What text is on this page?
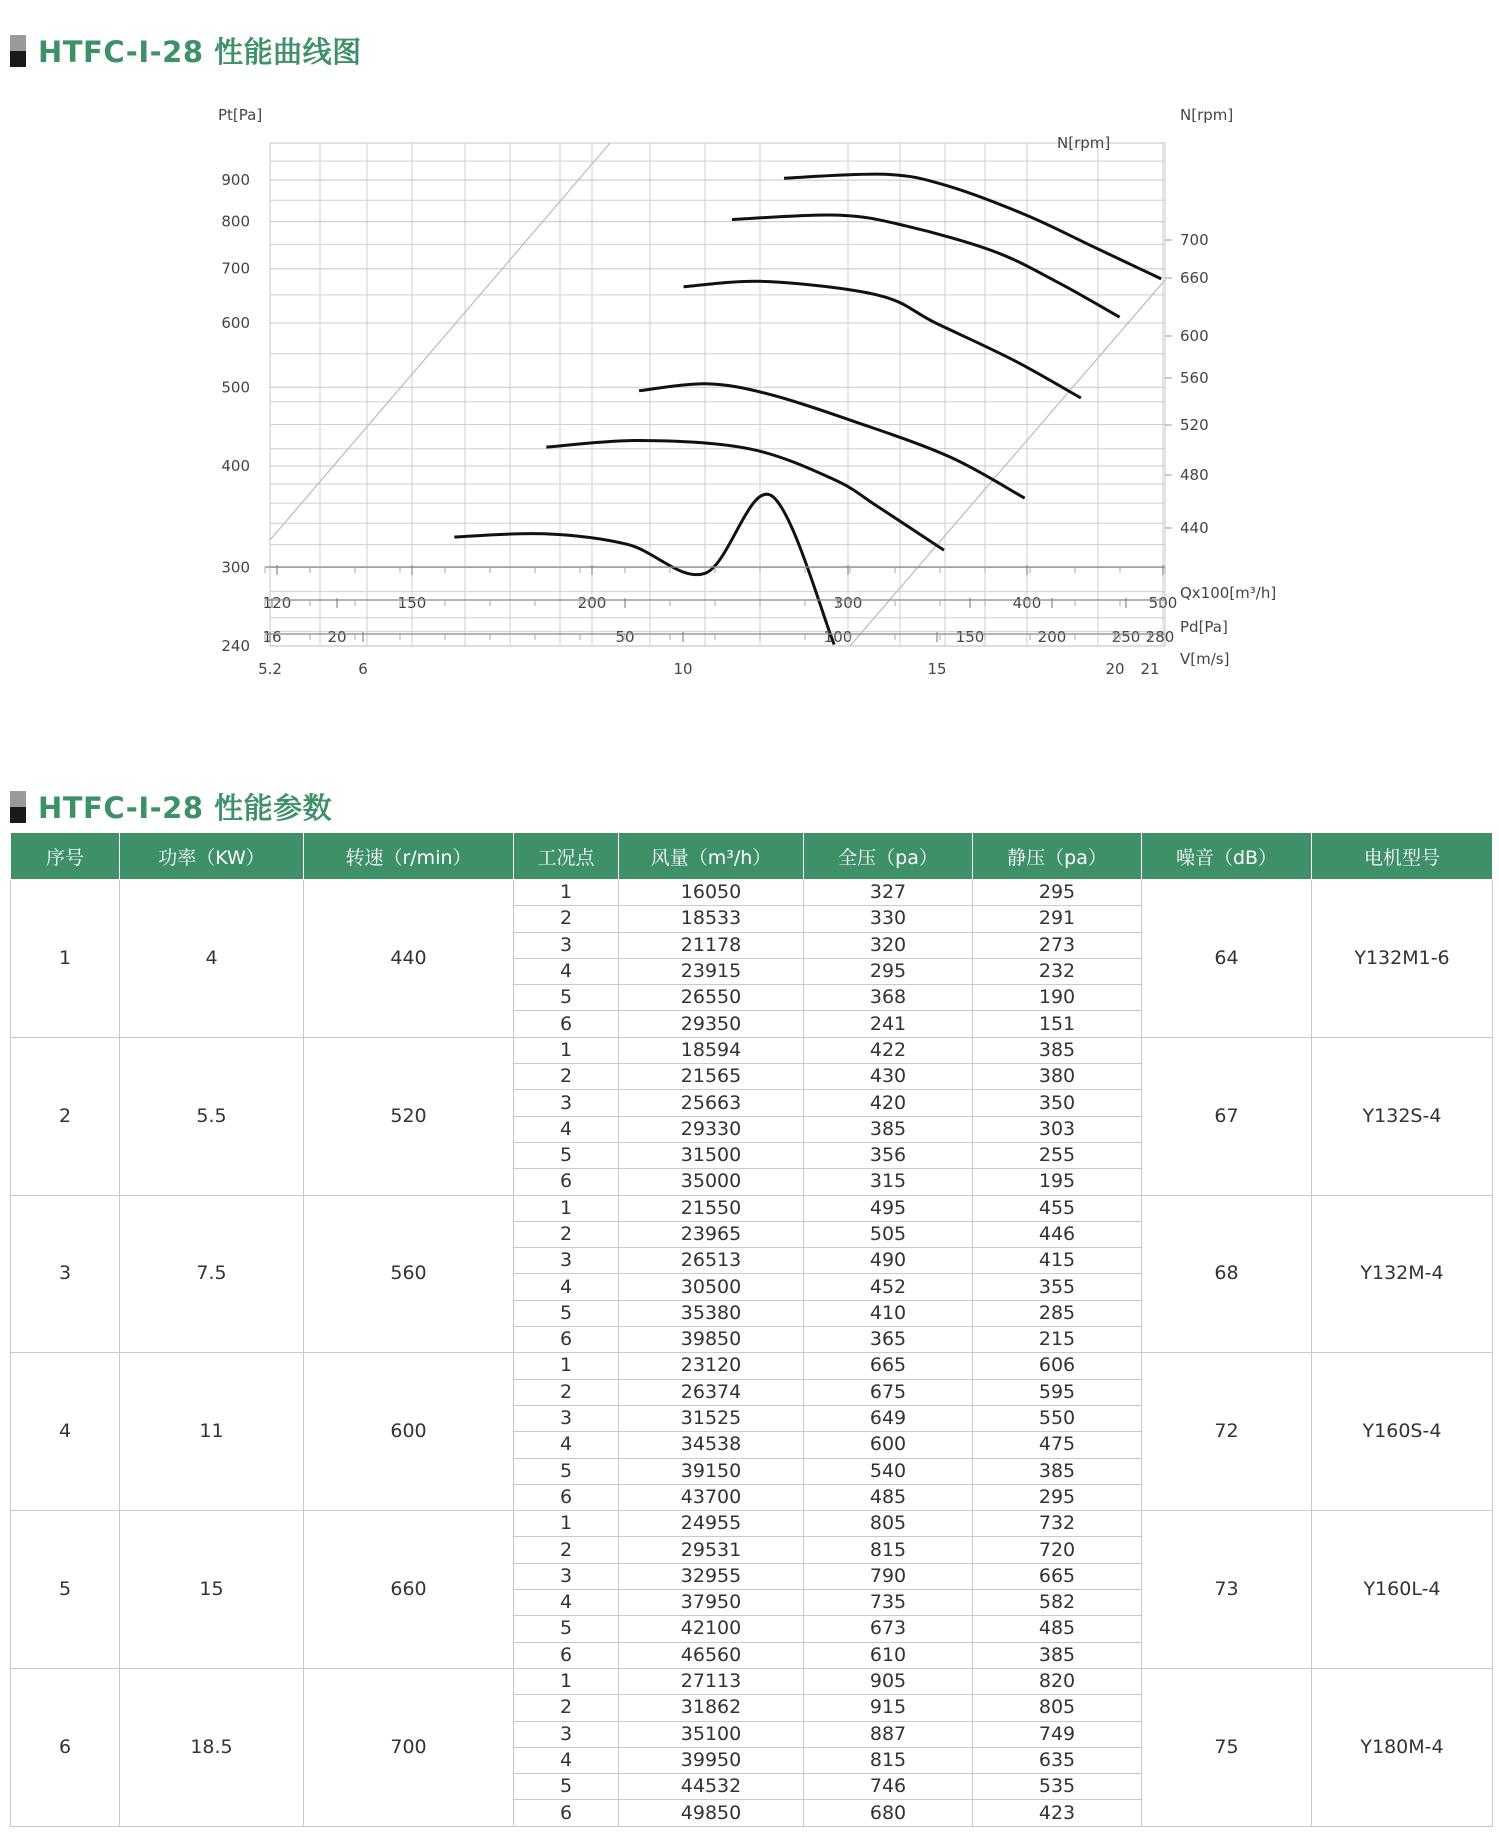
HTFC-I-28 性能曲线图
Pt[Pa]
240
300
400
500
600
700
800
900
N[rpm]
N[rpm]
440
480
520
560
600
660
700
120	150	200	300	400	500
Qx100[m³/h]
16	20	50	100	150	200	250 280
Pd[Pa]
5.2	6	10	15	20 21
V[m/s]
HTFC-I-28 性能参数
序号	功率（KW）	转速（r/min）	工况点	风量（m³/h）	全压（pa）	静压（pa）	噪音（dB）	电机型号
1	4	440	1	16050	327	295	64	Y132M1-6
			2	18533	330	291		
			3	21178	320	273		
			4	23915	295	232		
			5	26550	368	190		
			6	29350	241	151		
2	5.5	520	1	18594	422	385	67	Y132S-4
			2	21565	430	380		
			3	25663	420	350		
			4	29330	385	303		
			5	31500	356	255		
			6	35000	315	195		
3	7.5	560	1	21550	495	455	68	Y132M-4
			2	23965	505	446		
			3	26513	490	415		
			4	30500	452	355		
			5	35380	410	285		
			6	39850	365	215		
4	11	600	1	23120	665	606	72	Y160S-4
			2	26374	675	595		
			3	31525	649	550		
			4	34538	600	475		
			5	39150	540	385		
			6	43700	485	295		
5	15	660	1	24955	805	732	73	Y160L-4
			2	29531	815	720		
			3	32955	790	665		
			4	37950	735	582		
			5	42100	673	485		
			6	46560	610	385		
6	18.5	700	1	27113	905	820	75	Y180M-4
			2	31862	915	805		
			3	35100	887	749		
			4	39950	815	635		
			5	44532	746	535		
			6	49850	680	423		
